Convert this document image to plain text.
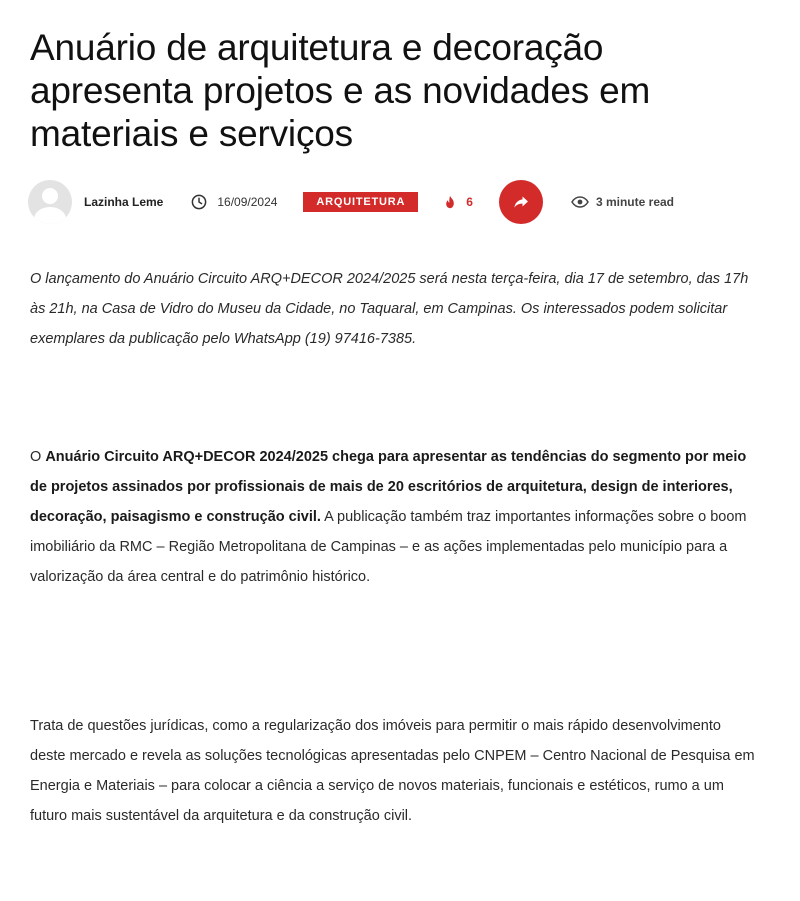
Anuário de arquitetura e decoração apresenta projetos e as novidades em materiais e serviços
Lazinha Leme	16/09/2024	ARQUITETURA	6	3 minute read

O lançamento do Anuário Circuito ARQ+DECOR 2024/2025 será nesta terça-feira, dia 17 de setembro, das 17h às 21h, na Casa de Vidro do Museu da Cidade, no Taquaral, em Campinas. Os interessados podem solicitar exemplares da publicação pelo WhatsApp (19) 97416-7385.

O Anuário Circuito ARQ+DECOR 2024/2025 chega para apresentar as tendências do segmento por meio de projetos assinados por profissionais de mais de 20 escritórios de arquitetura, design de interiores, decoração, paisagismo e construção civil. A publicação também traz importantes informações sobre o boom imobiliário da RMC – Região Metropolitana de Campinas – e as ações implementadas pelo município para a valorização da área central e do patrimônio histórico.

Trata de questões jurídicas, como a regularização dos imóveis para permitir o mais rápido desenvolvimento deste mercado e revela as soluções tecnológicas apresentadas pelo CNPEM – Centro Nacional de Pesquisa em Energia e Materiais – para colocar a ciência a serviço de novos materiais, funcionais e estéticos, rumo a um futuro mais sustentável da arquitetura e da construção civil.
